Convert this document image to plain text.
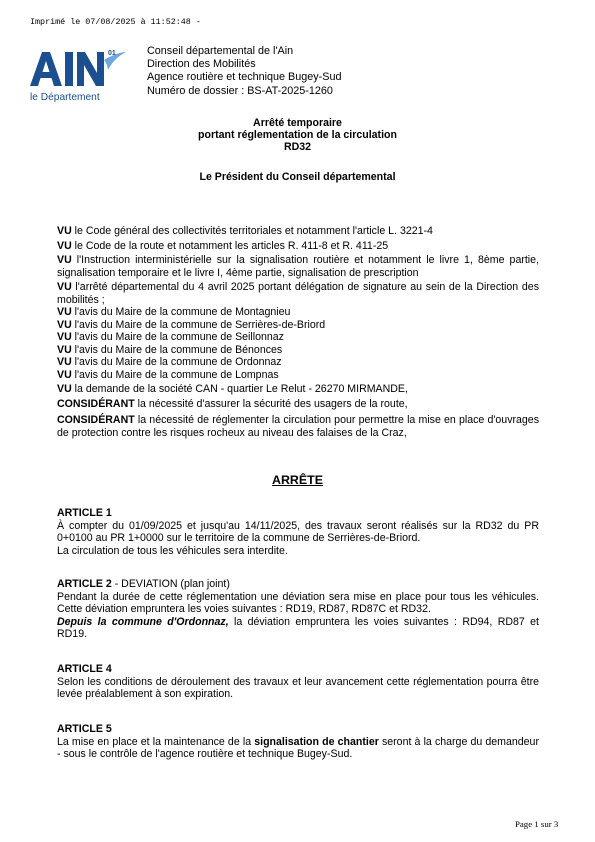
Imprimé le 07/08/2025 à 11:52:48 -
01
le Département
Conseil départemental de l'Ain
Direction des Mobilités
Agence routière et technique Bugey-Sud
Numéro de dossier : BS-AT-2025-1260
Arrêté temporaire
portant réglementation de la circulation
RD32
Le Président du Conseil départemental
VU le Code général des collectivités territoriales et notamment l'article L. 3221-4
VU le Code de la route et notamment les articles R. 411-8 et R. 411-25
VU l'Instruction interministérielle sur la signalisation routière et notamment le livre 1, 8ème partie, signalisation temporaire et le livre I, 4ème partie, signalisation de prescription
VU l'arrêté départemental du 4 avril 2025 portant délégation de signature au sein de la Direction des mobilités ;
VU l'avis du Maire de la commune de Montagnieu
VU l'avis du Maire de la commune de Serrières-de-Briord
VU l'avis du Maire de la commune de Seillonnaz
VU l'avis du Maire de la commune de Bénonces
VU l'avis du Maire de la commune de Ordonnaz
VU l'avis du Maire de la commune de Lompnas
VU la demande de la société CAN - quartier Le Relut - 26270 MIRMANDE,
CONSIDÉRANT la nécessité d'assurer la sécurité des usagers de la route,
CONSIDÉRANT la nécessité de réglementer la circulation pour permettre la mise en place d'ouvrages de protection contre les risques rocheux au niveau des falaises de la Craz,
ARRÊTE
ARTICLE 1

À compter du 01/09/2025 et jusqu'au 14/11/2025, des travaux seront réalisés sur la RD32 du PR 0+0100 au PR 1+0000 sur le territoire de la commune de Serrières-de-Briord.

La circulation de tous les véhicules sera interdite.

ARTICLE 2 - DEVIATION (plan joint)

Pendant la durée de cette réglementation une déviation sera mise en place pour tous les véhicules. Cette déviation empruntera les voies suivantes : RD19, RD87, RD87C et RD32.

Depuis la commune d'Ordonnaz, la déviation empruntera les voies suivantes : RD94, RD87 et RD19.

ARTICLE 4

Selon les conditions de déroulement des travaux et leur avancement cette réglementation pourra être levée préalablement à son expiration.

ARTICLE 5

La mise en place et la maintenance de la signalisation de chantier seront à la charge du demandeur - sous le contrôle de l'agence routière et technique Bugey-Sud.

Page 1 sur 3
